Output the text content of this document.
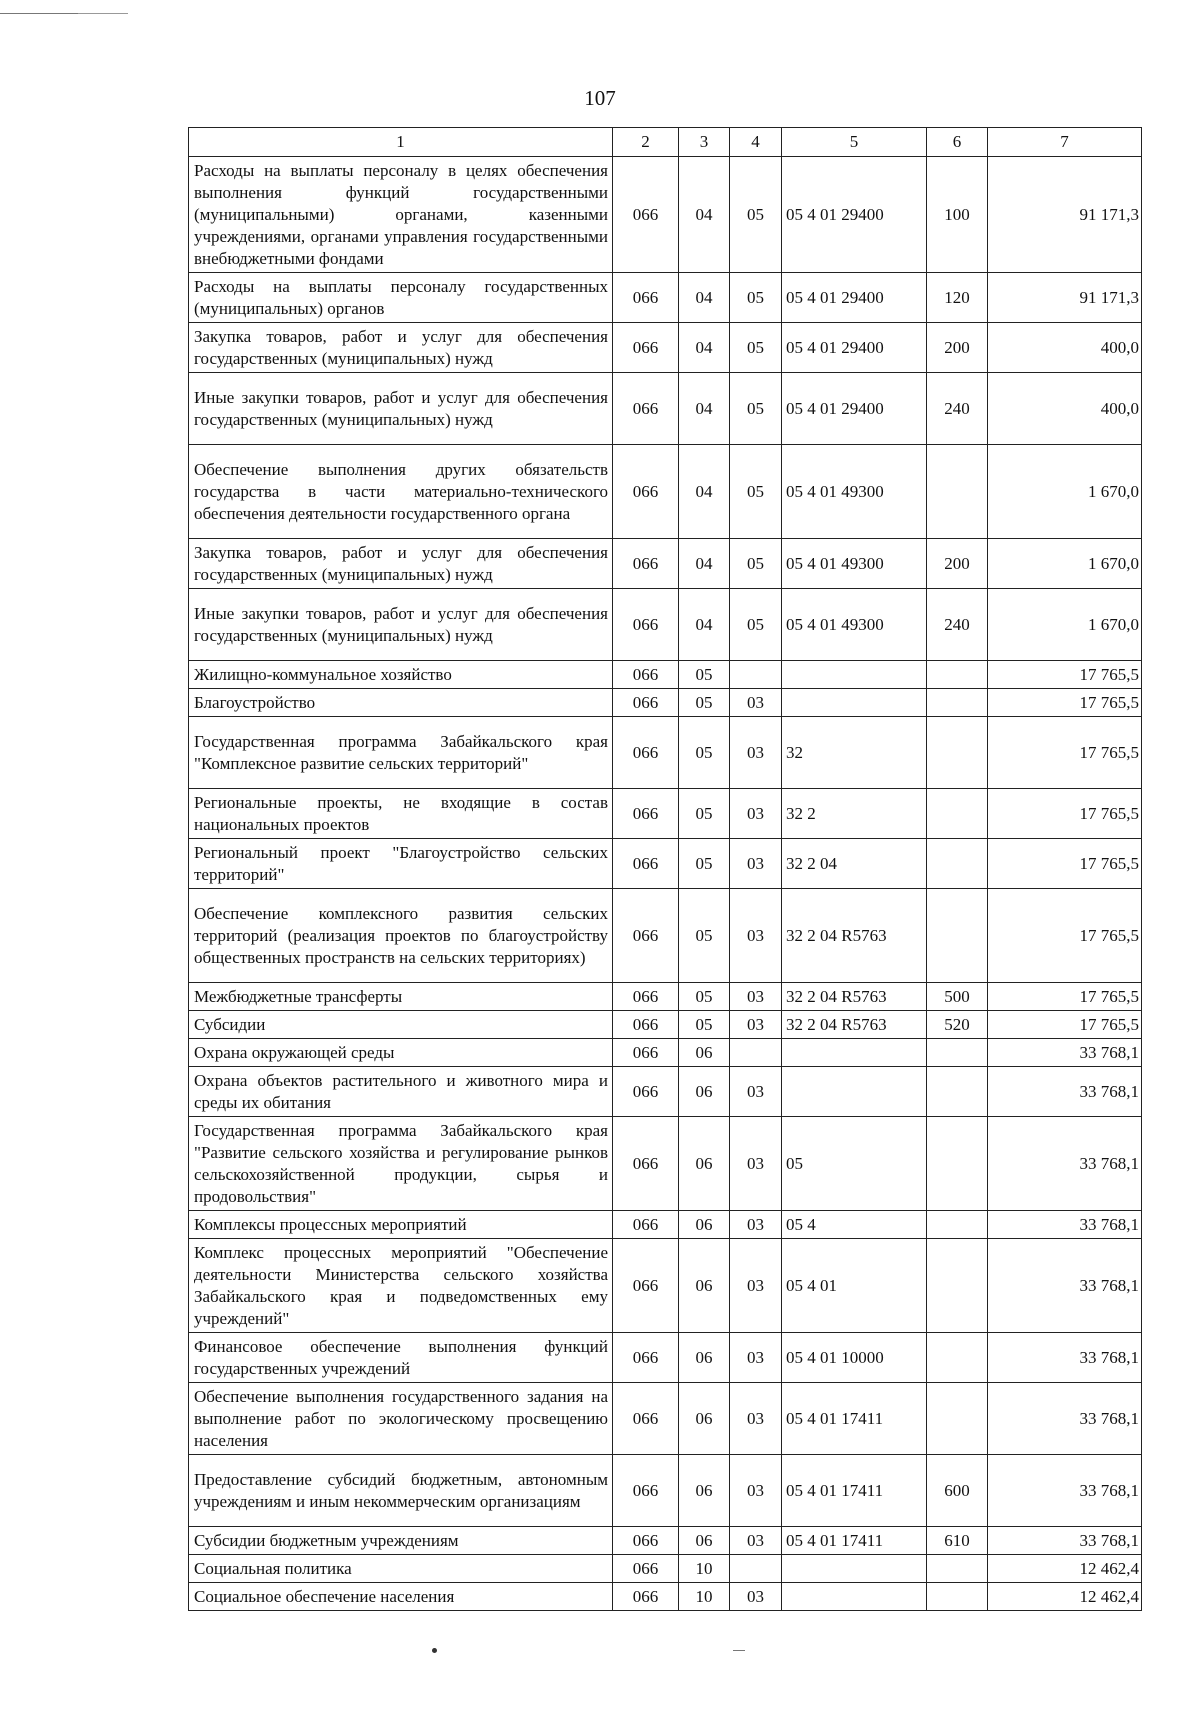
107
1	2	3	4	5	6	7
Расходы на выплаты персоналу в целях обеспечения выполнения функций государственными (муниципальными) органами, казенными учреждениями, органами управления государственными внебюджетными фондами	066	04	05	05 4 01 29400	100	91 171,3
Расходы на выплаты персоналу государственных (муниципальных) органов	066	04	05	05 4 01 29400	120	91 171,3
Закупка товаров, работ и услуг для обеспечения государственных (муниципальных) нужд	066	04	05	05 4 01 29400	200	400,0
Иные закупки товаров, работ и услуг для обеспечения государственных (муниципальных) нужд	066	04	05	05 4 01 29400	240	400,0
Обеспечение выполнения других обязательств государства в части материально-технического обеспечения деятельности государственного органа	066	04	05	05 4 01 49300		1 670,0
Закупка товаров, работ и услуг для обеспечения государственных (муниципальных) нужд	066	04	05	05 4 01 49300	200	1 670,0
Иные закупки товаров, работ и услуг для обеспечения государственных (муниципальных) нужд	066	04	05	05 4 01 49300	240	1 670,0
Жилищно-коммунальное хозяйство	066	05				17 765,5
Благоустройство	066	05	03			17 765,5
Государственная программа Забайкальского края "Комплексное развитие сельских территорий"	066	05	03	32		17 765,5
Региональные проекты, не входящие в состав национальных проектов	066	05	03	32 2		17 765,5
Региональный проект "Благоустройство сельских территорий"	066	05	03	32 2 04		17 765,5
Обеспечение комплексного развития сельских территорий (реализация проектов по благоустройству общественных пространств на сельских территориях)	066	05	03	32 2 04 R5763		17 765,5
Межбюджетные трансферты	066	05	03	32 2 04 R5763	500	17 765,5
Субсидии	066	05	03	32 2 04 R5763	520	17 765,5
Охрана окружающей среды	066	06				33 768,1
Охрана объектов растительного и животного мира и среды их обитания	066	06	03			33 768,1
Государственная программа Забайкальского края "Развитие сельского хозяйства и регулирование рынков сельскохозяйственной продукции, сырья и продовольствия"	066	06	03	05		33 768,1
Комплексы процессных мероприятий	066	06	03	05 4		33 768,1
Комплекс процессных мероприятий "Обеспечение деятельности Министерства сельского хозяйства Забайкальского края и подведомственных ему учреждений"	066	06	03	05 4 01		33 768,1
Финансовое обеспечение выполнения функций государственных учреждений	066	06	03	05 4 01 10000		33 768,1
Обеспечение выполнения государственного задания на выполнение работ по экологическому просвещению населения	066	06	03	05 4 01 17411		33 768,1
Предоставление субсидий бюджетным, автономным учреждениям и иным некоммерческим организациям	066	06	03	05 4 01 17411	600	33 768,1
Субсидии бюджетным учреждениям	066	06	03	05 4 01 17411	610	33 768,1
Социальная политика	066	10				12 462,4
Социальное обеспечение населения	066	10	03			12 462,4
